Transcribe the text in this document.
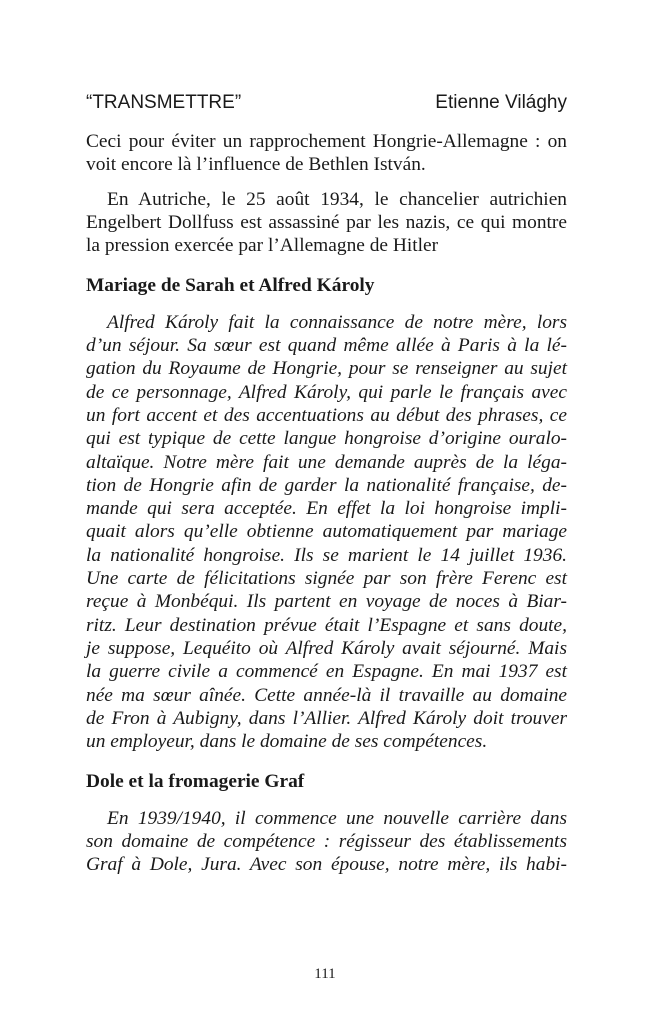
“TRANSMETTRE”	Etienne Világhy

Ceci pour éviter un rapprochement Hongrie-Allemagne : on
voit encore là l’influence de Bethlen István.

En Autriche, le 25 août 1934, le chancelier autrichien
Engelbert Dollfuss est assassiné par les nazis, ce qui montre
la pression exercée par l’Allemagne de Hitler

Mariage de Sarah et Alfred Károly

Alfred Károly fait la connaissance de notre mère, lors
d’un séjour. Sa sœur est quand même allée à Paris à la lé-
gation du Royaume de Hongrie, pour se renseigner au sujet
de ce personnage, Alfred Károly, qui parle le français avec
un fort accent et des accentuations au début des phrases, ce
qui est typique de cette langue hongroise d’origine ouralo-
altaïque. Notre mère fait une demande auprès de la léga-
tion de Hongrie afin de garder la nationalité française, de-
mande qui sera acceptée. En effet la loi hongroise impli-
quait alors qu’elle obtienne automatiquement par mariage
la nationalité hongroise. Ils se marient le 14 juillet 1936.
Une carte de félicitations signée par son frère Ferenc est
reçue à Monbéqui. Ils partent en voyage de noces à Biar-
ritz. Leur destination prévue était l’Espagne et sans doute,
je suppose, Lequéito où Alfred Károly avait séjourné. Mais
la guerre civile a commencé en Espagne. En mai 1937 est
née ma sœur aînée. Cette année-là il travaille au domaine
de Fron à Aubigny, dans l’Allier. Alfred Károly doit trouver
un employeur, dans le domaine de ses compétences.

Dole et la fromagerie Graf

En 1939/1940, il commence une nouvelle carrière dans
son domaine de compétence : régisseur des établissements
Graf à Dole, Jura. Avec son épouse, notre mère, ils habi-

111
